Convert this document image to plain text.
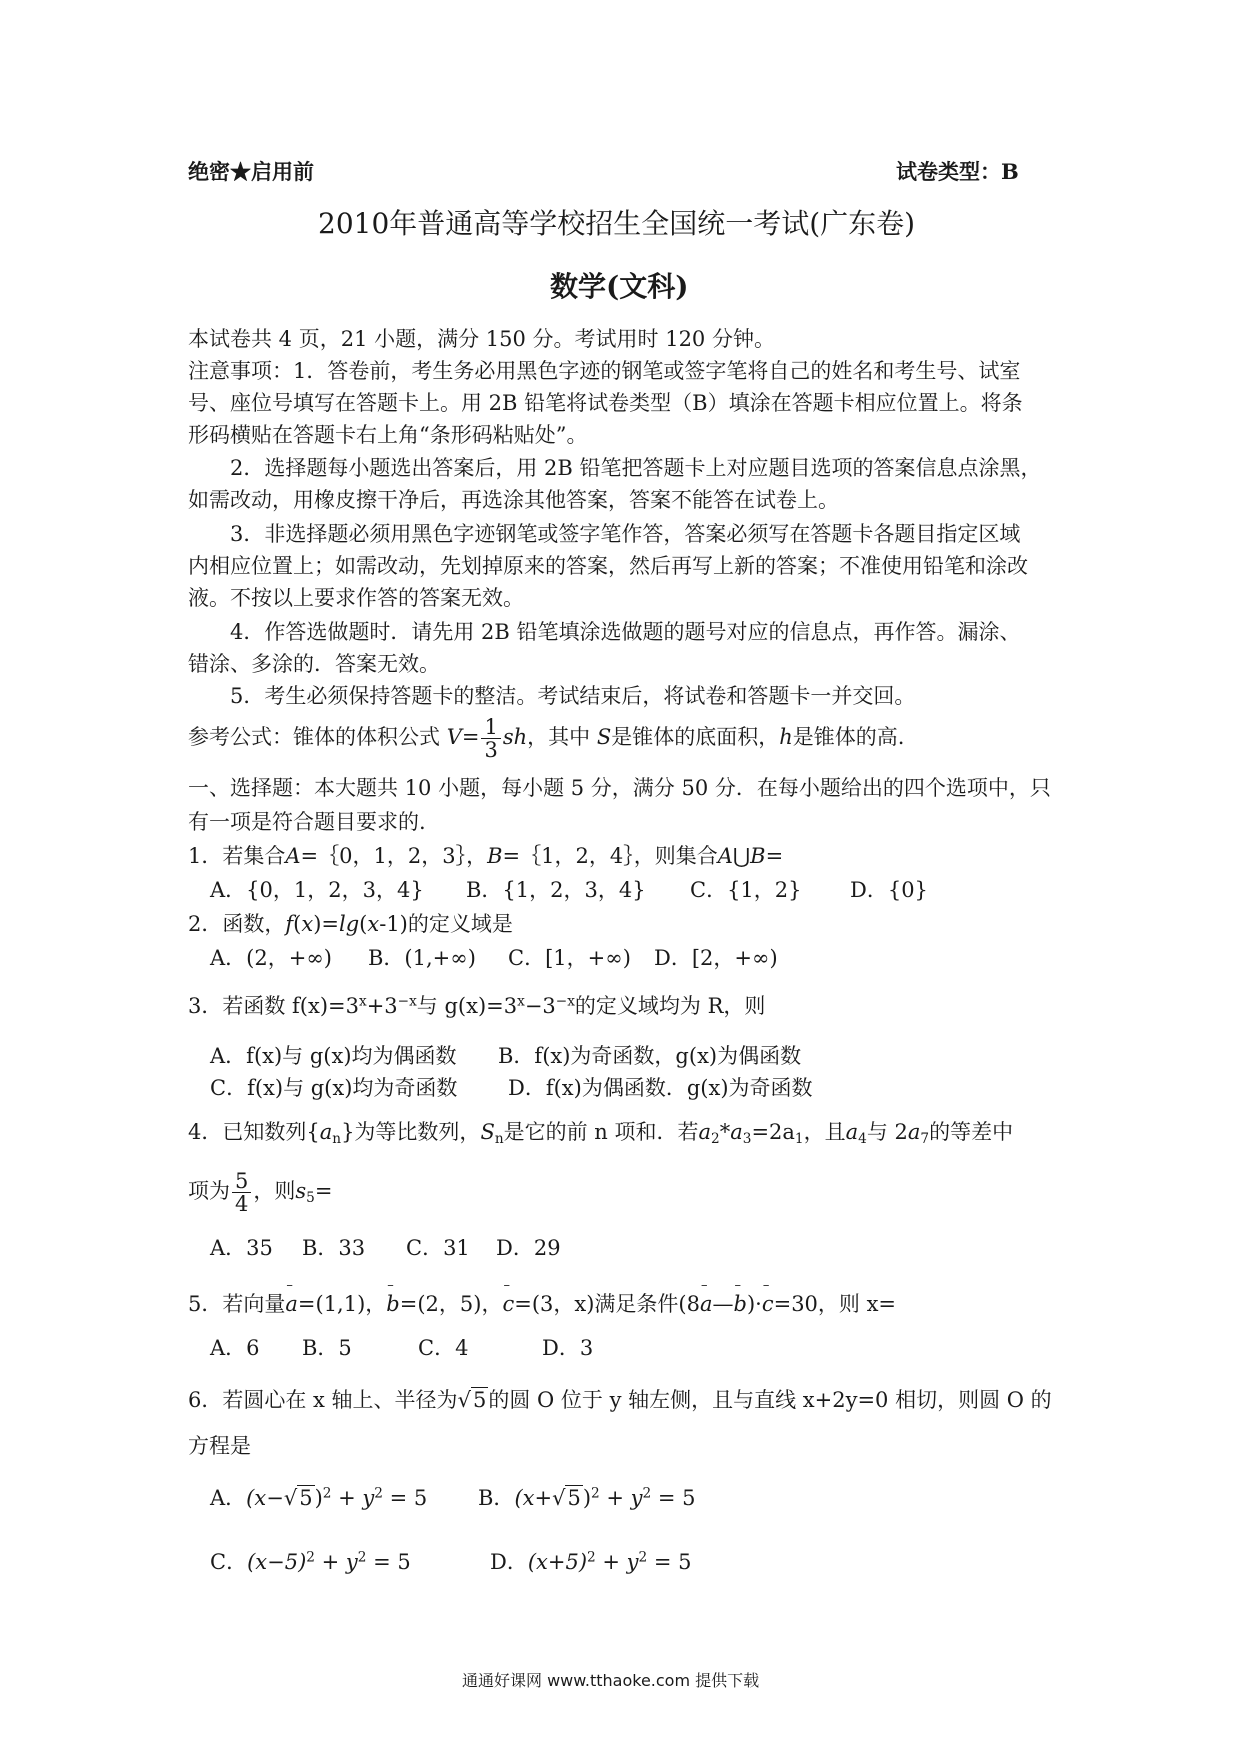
绝密★启用前	试卷类型：B
2010年普通高等学校招生全国统一考试(广东卷)
数学(文科)
本试卷共 4 页，21 小题，满分 150 分。考试用时 120 分钟。
注意事项：1．答卷前，考生务必用黑色字迹的钢笔或签字笔将自己的姓名和考生号、试室
号、座位号填写在答题卡上。用 2B 铅笔将试卷类型（B）填涂在答题卡相应位置上。将条
形码横贴在答题卡右上角“条形码粘贴处”。
2．选择题每小题选出答案后，用 2B 铅笔把答题卡上对应题目选项的答案信息点涂黑，
如需改动，用橡皮擦干净后，再选涂其他答案，答案不能答在试卷上。
3．非选择题必须用黑色字迹钢笔或签字笔作答，答案必须写在答题卡各题目指定区域
内相应位置上；如需改动，先划掉原来的答案，然后再写上新的答案；不准使用铅笔和涂改
液。不按以上要求作答的答案无效。
4．作答选做题时．请先用 2B 铅笔填涂选做题的题号对应的信息点，再作答。漏涂、
错涂、多涂的．答案无效。
5．考生必须保持答题卡的整洁。考试结束后，将试卷和答题卡一并交回。
参考公式：锥体的体积公式 $V= \frac{1}{3}$ sh，其中 S是锥体的底面积，h是锥体的高.
一、选择题：本大题共 10 小题，每小题 5 分，满分 50 分．在每小题给出的四个选项中，只
有一项是符合题目要求的.
1．若集合A=｛0，1，2，3｝，B=｛1，2，4｝，则集合A⋃B=
A．{0，1，2，3，4} B．{1，2，3，4} C．{1，2} D．{0}
2．函数，f(x)=lg(x-1)的定义域是
A．(2，+∞) B．(1,+∞) C．[1，+∞) D．[2，+∞)
3．若函数 $f(x)=3^x+3^{-x}$与 $g(x)=3^x-3^{-x}$的定义域均为 R，则
A．f(x)与 g(x)均为偶函数 B．f(x)为奇函数，g(x)为偶函数
C．f(x)与 g(x)均为奇函数 D．f(x)为偶函数．g(x)为奇函数
4．已知数列$\{a_n\}$为等比数列，$S_n$是它的前 n 项和．若$a_2*a_3=2a_1$，且$a_4$与 $2a_7$的等差中
项为 $\frac{5}{4}$ ，则$s_5=$
A．35 B．33 C．31 D．29
5．若向量– a=(1,1)，– b=(2，5)，– c=(3，x)满足条件(8– a—– b)·– c=30，则 x=
A．6 B．5	C．4	D．3
6．若圆心在 x 轴上、半径为√5的圆 O 位于 y 轴左侧，且与直线 x+2y=0 相切，则圆 O 的
方程是
A．$(x-√5)^2 + y^2 = 5$ B．$(x+√5)^2 + y^2 = 5$
C．$(x-5)^2 + y^2 = 5$	D．$(x+5)^2 + y^2 = 5$
通通好课网 www.tthaoke.com 提供下载
